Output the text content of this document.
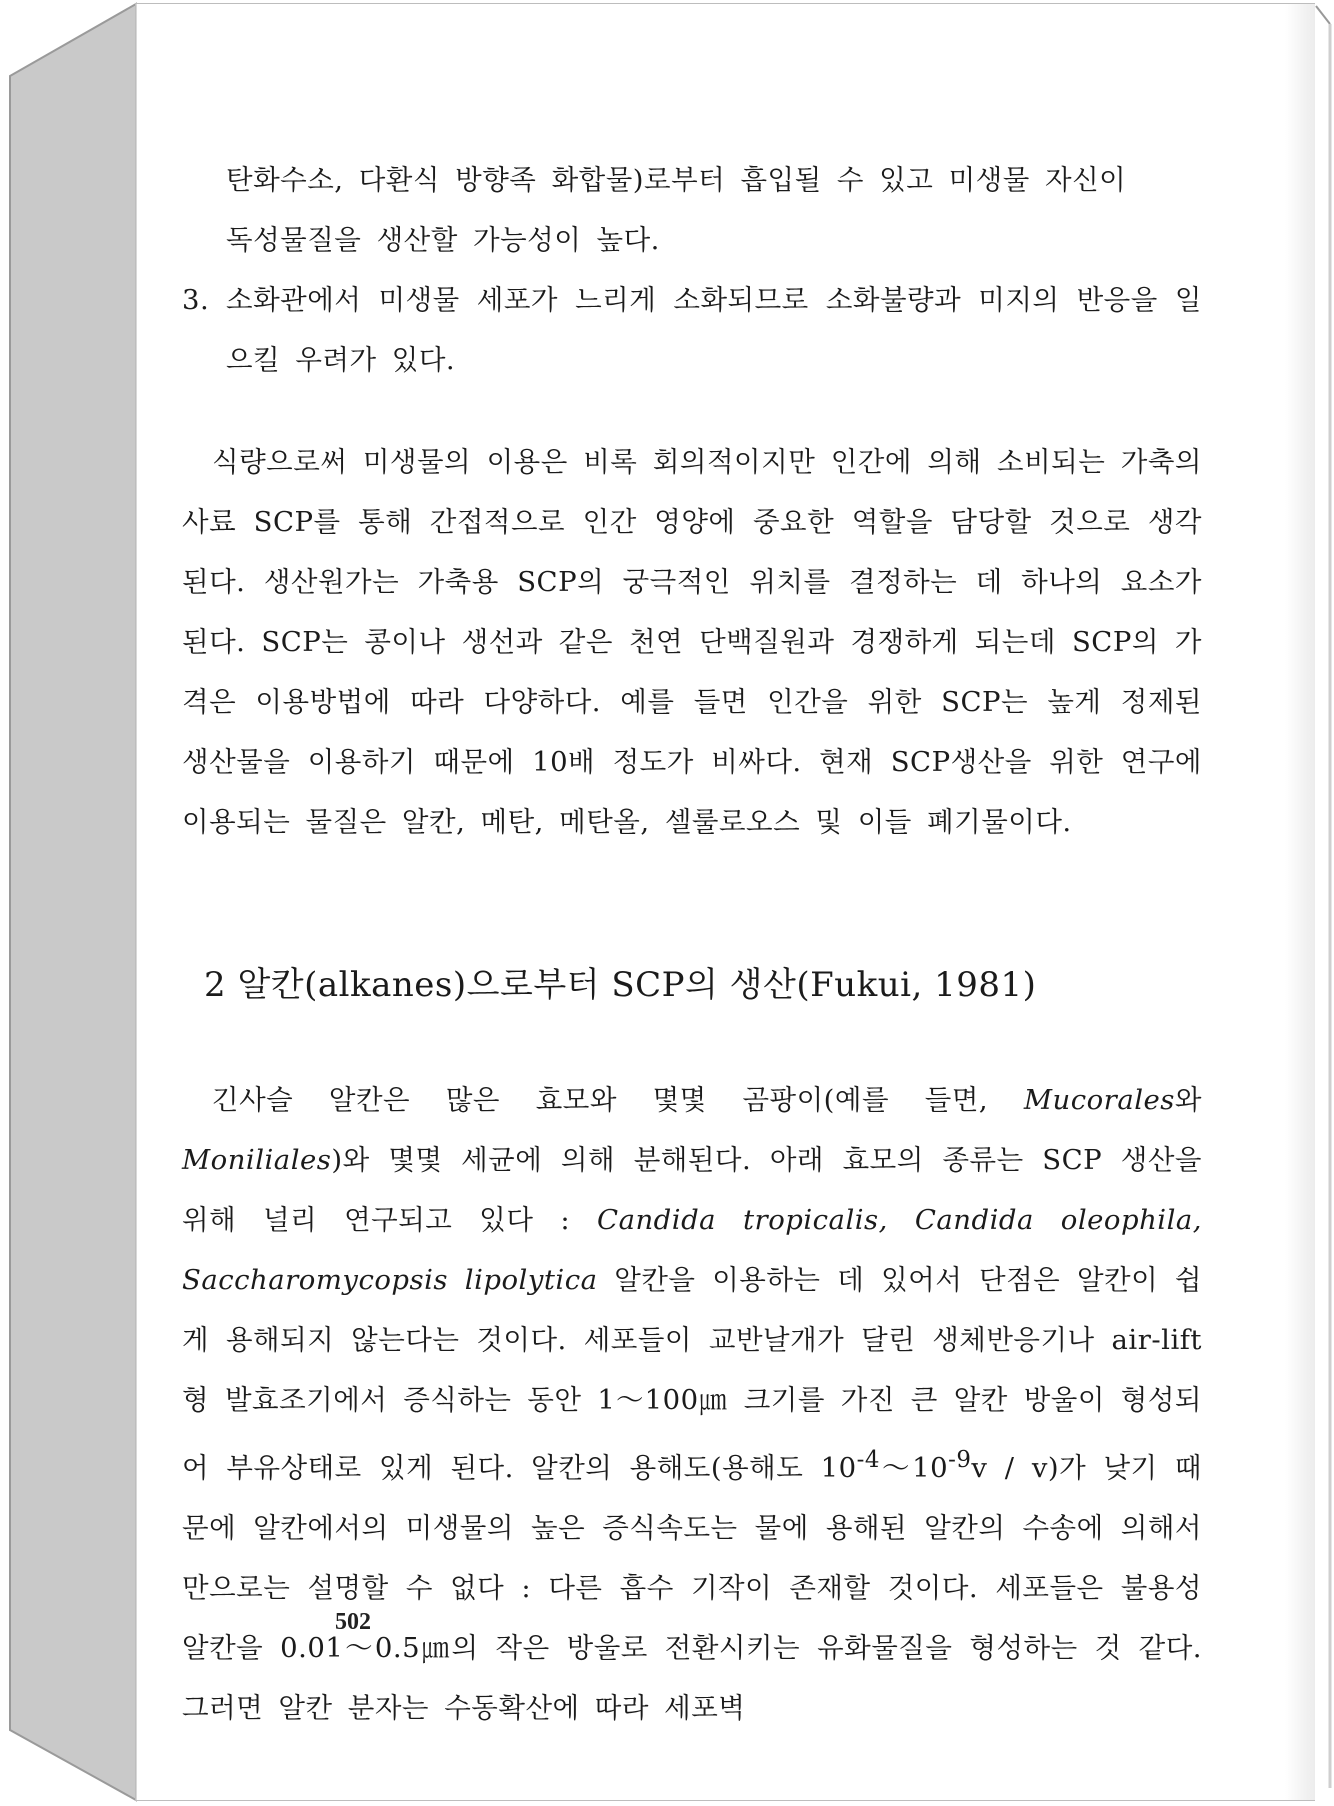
탄화수소, 다환식 방향족 화합물)로부터 흡입될 수 있고 미생물 자신이
독성물질을 생산할 가능성이 높다.

3. 소화관에서 미생물 세포가 느리게 소화되므로 소화불량과 미지의 반응을 일으킬 우려가 있다.

식량으로써 미생물의 이용은 비록 회의적이지만 인간에 의해 소비되는 가축의 사료 SCP를 통해 간접적으로 인간 영양에 중요한 역할을 담당할 것으로 생각된다. 생산원가는 가축용 SCP의 궁극적인 위치를 결정하는 데 하나의 요소가 된다. SCP는 콩이나 생선과 같은 천연 단백질원과 경쟁하게 되는데 SCP의 가격은 이용방법에 따라 다양하다. 예를 들면 인간을 위한 SCP는 높게 정제된 생산물을 이용하기 때문에 10배 정도가 비싸다. 현재 SCP생산을 위한 연구에 이용되는 물질은 알칸, 메탄, 메탄올, 셀룰로오스 및 이들 폐기물이다.

2 알칸(alkanes)으로부터 SCP의 생산(Fukui, 1981)

긴사슬 알칸은 많은 효모와 몇몇 곰팡이(예를 들면, Mucorales와 Moniliales)와 몇몇 세균에 의해 분해된다. 아래 효모의 종류는 SCP 생산을 위해 널리 연구되고 있다 : Candida tropicalis, Candida oleophila, Saccharomycopsis lipolytica 알칸을 이용하는 데 있어서 단점은 알칸이 쉽게 용해되지 않는다는 것이다. 세포들이 교반날개가 달린 생체반응기나 air-lift형 발효조기에서 증식하는 동안 1～100㎛ 크기를 가진 큰 알칸 방울이 형성되어 부유상태로 있게 된다. 알칸의 용해도(용해도 $10^{-4}\sim 10^{-9}v / v$)가 낮기 때문에 알칸에서의 미생물의 높은 증식속도는 물에 용해된 알칸의 수송에 의해서만으로는 설명할 수 없다 : 다른 흡수 기작이 존재할 것이다. 세포들은 불용성 알칸을 0.01～0.5㎛의 작은 방울로 전환시키는 유화물질을 형성하는 것 같다. 그러면 알칸 분자는 수동확산에 따라 세포벽

502
